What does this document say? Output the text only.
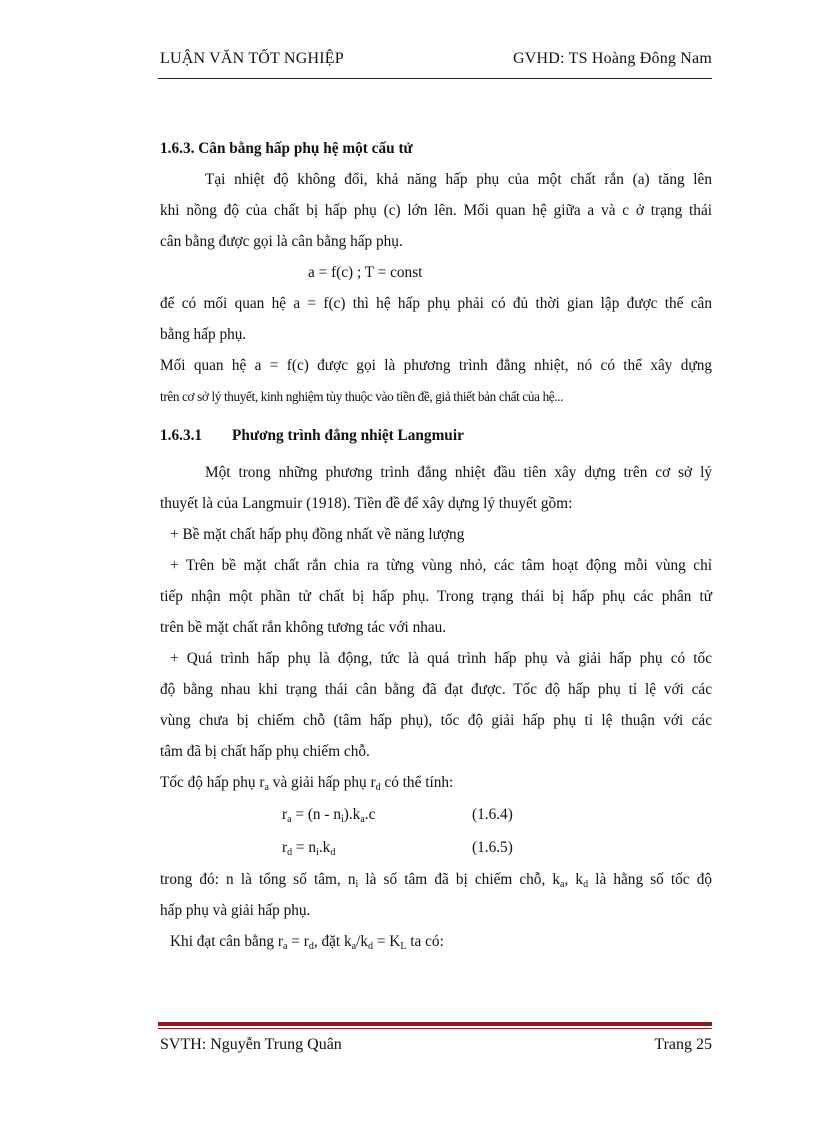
LUẬN VĂN TỐT NGHIỆP	GVHD: TS Hoàng Đông Nam

1.6.3. Cân bằng hấp phụ hệ một cấu tử

Tại nhiệt độ không đổi, khả năng hấp phụ của một chất rắn (a) tăng lên

khi nồng độ của chất bị hấp phụ (c) lớn lên. Mối quan hệ giữa a và c ở trạng thái

cân bằng được gọi là cân bằng hấp phụ.

a = f(c) ; T = const

để có mối quan hệ a = f(c) thì hệ hấp phụ phải có đủ thời gian lập được thế cân

bằng hấp phụ.

Mối quan hệ a = f(c) được gọi là phương trình đẳng nhiệt, nó có thể xây dựng

trên cơ sở lý thuyết, kinh nghiệm tùy thuộc vào tiền đề, giả thiết bản chất của hệ...

1.6.3.1 Phương trình đẳng nhiệt Langmuir

Một trong những phương trình đẳng nhiệt đầu tiên xây dựng trên cơ sở lý

thuyết là của Langmuir (1918). Tiền đề để xây dựng lý thuyết gồm:

+ Bề mặt chất hấp phụ đồng nhất về năng lượng

+ Trên bề mặt chất rắn chia ra từng vùng nhỏ, các tâm hoạt động mỗi vùng chỉ

tiếp nhận một phần tử chất bị hấp phụ. Trong trạng thái bị hấp phụ các phân tử

trên bề mặt chất rắn không tương tác với nhau.

+ Quá trình hấp phụ là động, tức là quá trình hấp phụ và giải hấp phụ có tốc

độ bằng nhau khi trạng thái cân bằng đã đạt được. Tốc độ hấp phụ tỉ lệ với các

vùng chưa bị chiếm chỗ (tâm hấp phụ), tốc độ giải hấp phụ tỉ lệ thuận với các

tâm đã bị chất hấp phụ chiếm chỗ.

Tốc độ hấp phụ $r_a$ và giải hấp phụ $r_d$ có thể tính:

$r_a = (n - n_i).k_a.c$	(1.6.4)

$r_d = n_i.k_d$	(1.6.5)

trong đó: n là tổng số tâm, $n_i$ là số tâm đã bị chiếm chỗ, $k_a$, $k_d$ là hằng số tốc độ

hấp phụ và giải hấp phụ.

Khi đạt cân bằng $r_a = r_d$, đặt $k_a/k_d = K_L$ ta có:

SVTH: Nguyễn Trung Quân	Trang 25
